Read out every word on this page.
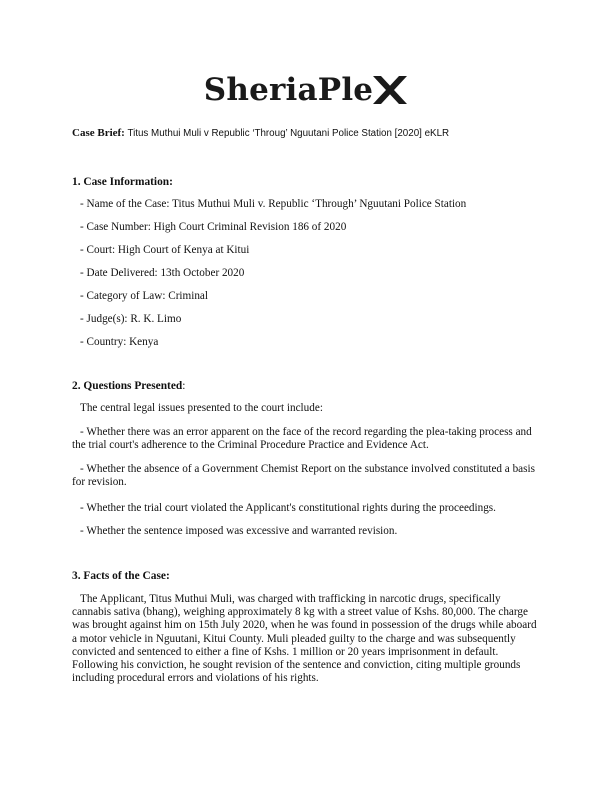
SheriaPle
Case Brief: Titus Muthui Muli v Republic ‘Throug’ Nguutani Police Station [2020] eKLR
1. Case Information:
- Name of the Case: Titus Muthui Muli v. Republic ‘Through’ Nguutani Police Station
- Case Number: High Court Criminal Revision 186 of 2020
- Court: High Court of Kenya at Kitui
- Date Delivered: 13th October 2020
- Category of Law: Criminal
- Judge(s): R. K. Limo
- Country: Kenya
2. Questions Presented:
The central legal issues presented to the court include:
- Whether there was an error apparent on the face of the record regarding the plea-taking process and the trial court's adherence to the Criminal Procedure Practice and Evidence Act.
- Whether the absence of a Government Chemist Report on the substance involved constituted a basis for revision.
- Whether the trial court violated the Applicant's constitutional rights during the proceedings.
- Whether the sentence imposed was excessive and warranted revision.
3. Facts of the Case:
The Applicant, Titus Muthui Muli, was charged with trafficking in narcotic drugs, specifically cannabis sativa (bhang), weighing approximately 8 kg with a street value of Kshs. 80,000. The charge was brought against him on 15th July 2020, when he was found in possession of the drugs while aboard a motor vehicle in Nguutani, Kitui County. Muli pleaded guilty to the charge and was subsequently convicted and sentenced to either a fine of Kshs. 1 million or 20 years imprisonment in default. Following his conviction, he sought revision of the sentence and conviction, citing multiple grounds including procedural errors and violations of his rights.
